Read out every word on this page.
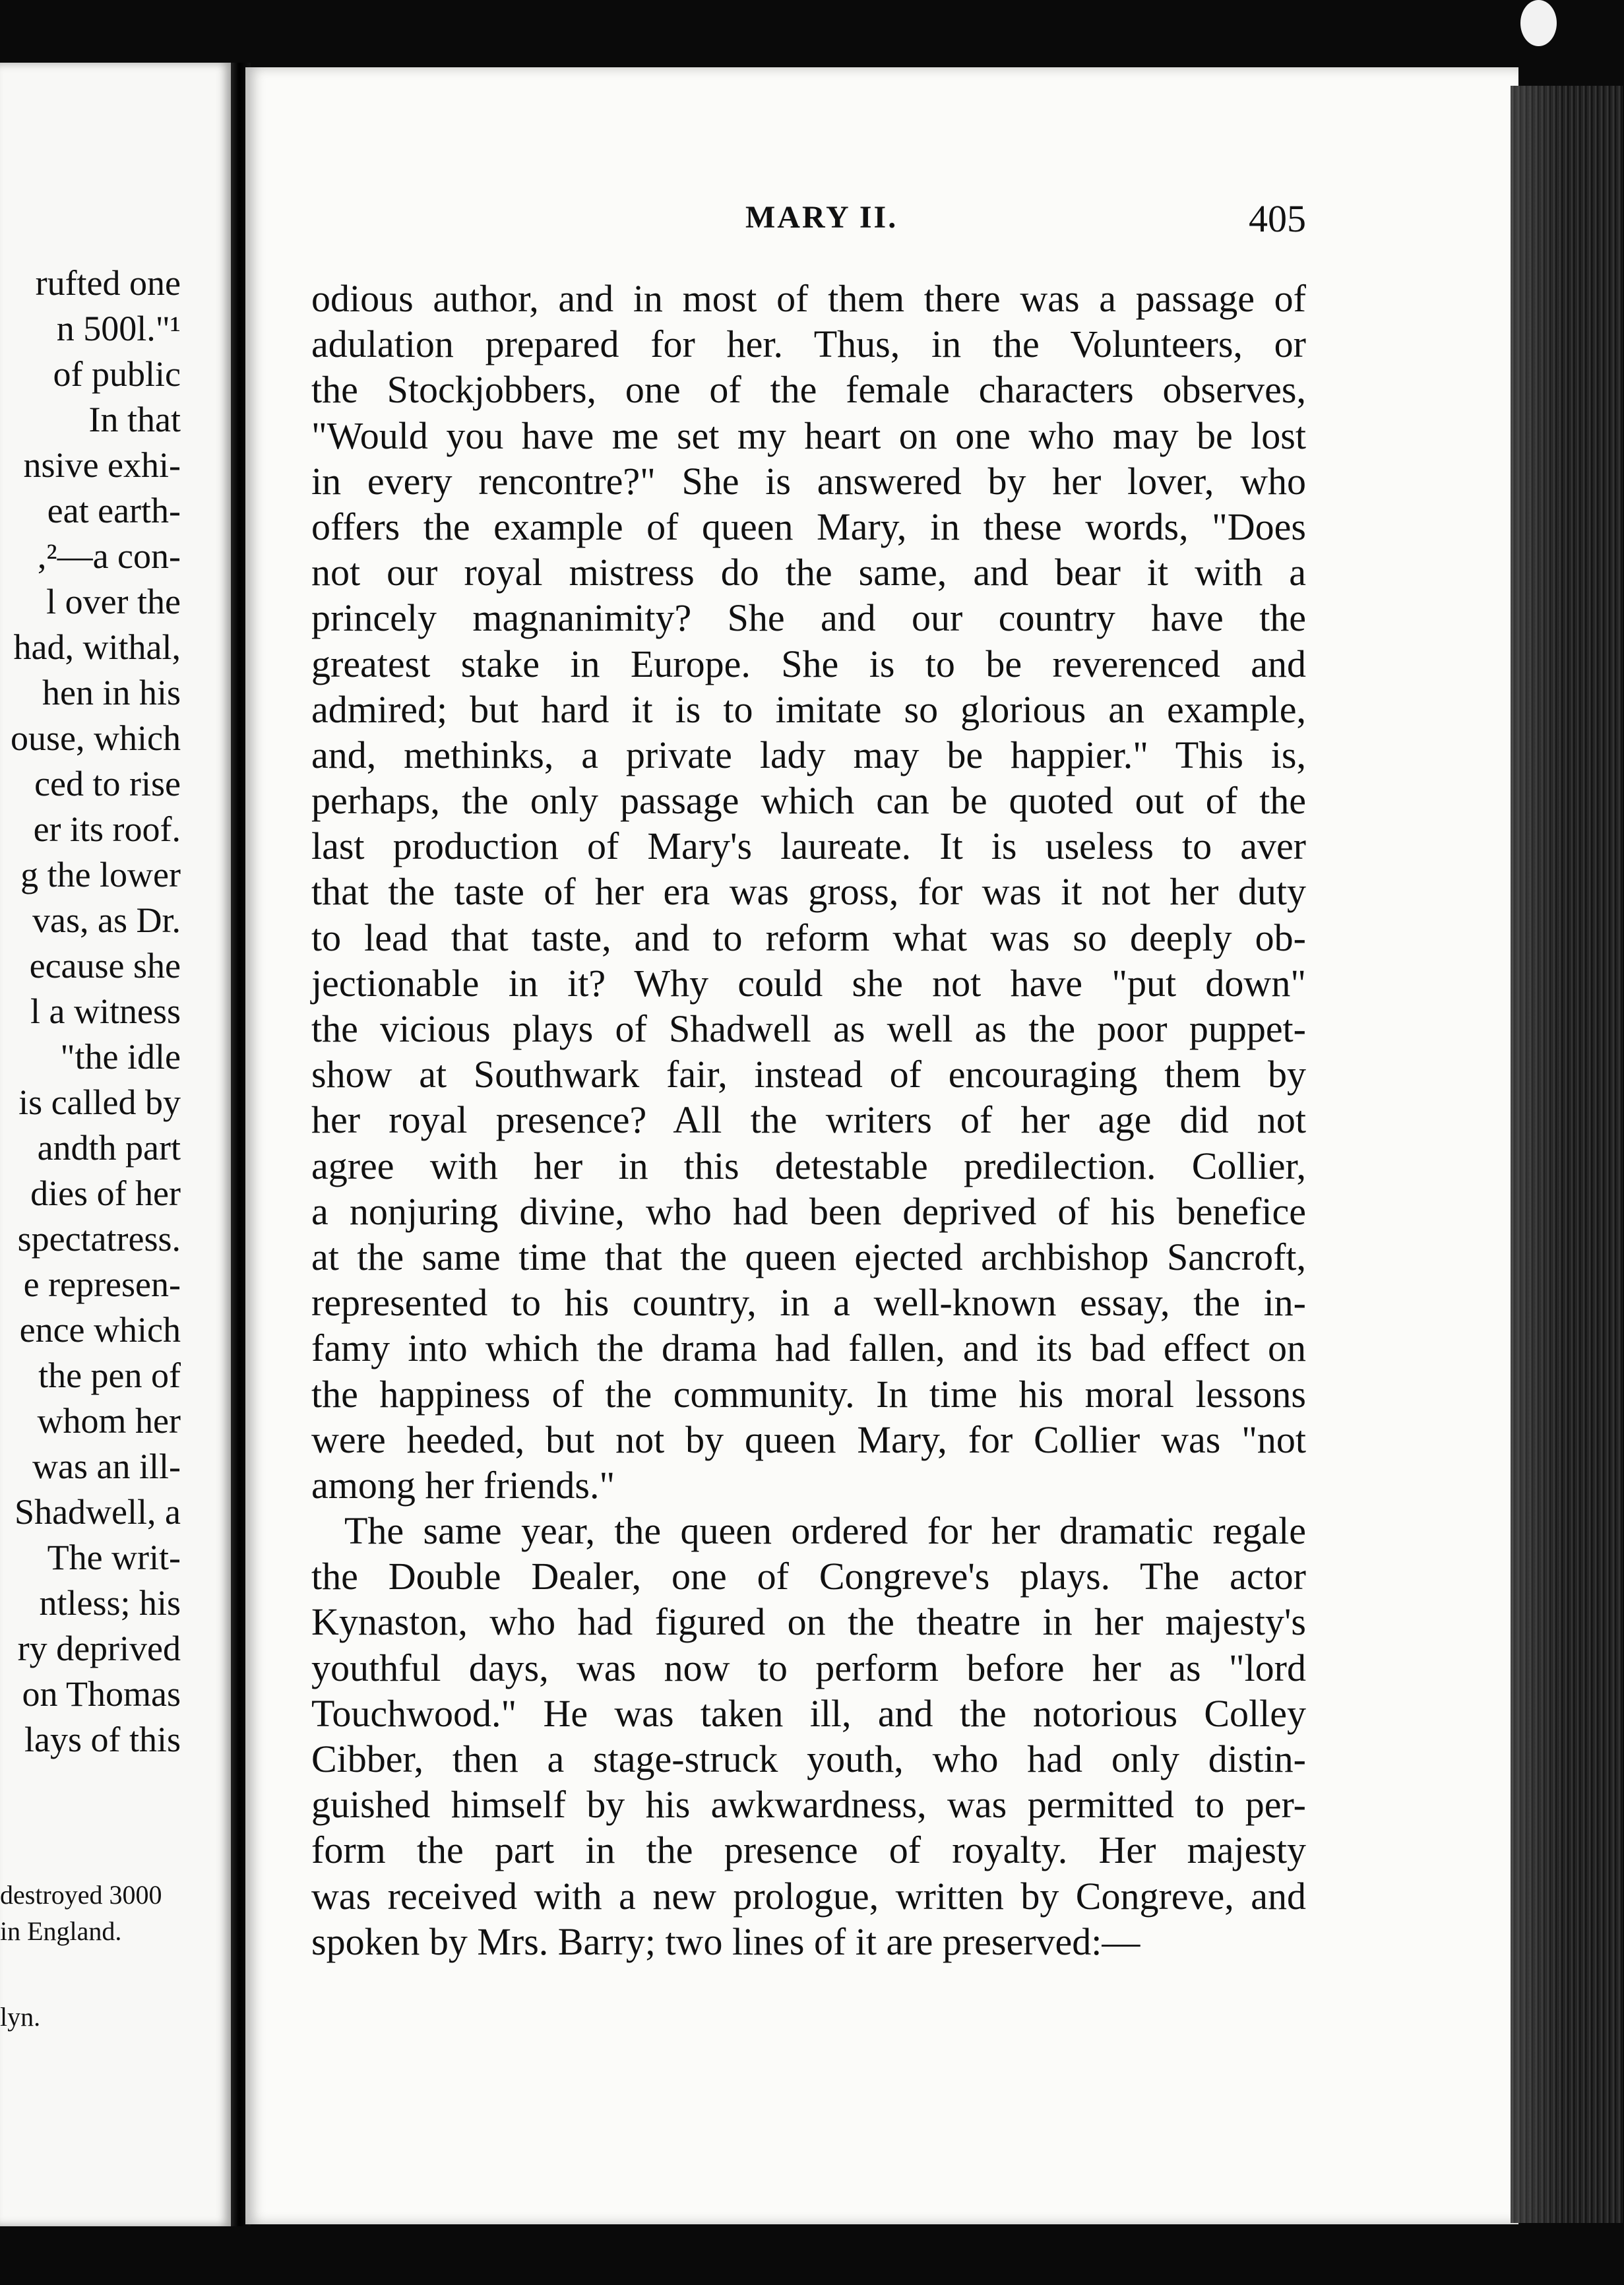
rufted one
n 500l."¹
of public
In that
nsive exhi-
eat earth-
,²—a con-
l over the
had, withal,
hen in his
ouse, which
ced to rise
er its roof.
g the lower
vas, as Dr.
ecause she
l a witness
"the idle
is called by
andth part
dies of her
spectatress.
e represen-
ence which
the pen of
whom her
was an ill-
Shadwell, a
The writ-
ntless; his
ry deprived
on Thomas
lays of this
destroyed 3000
in England.
lyn.
MARY II.	405
odious author, and in most of them there was a passage of
adulation prepared for her. Thus, in the Volunteers, or
the Stockjobbers, one of the female characters observes,
"Would you have me set my heart on one who may be lost
in every rencontre?" She is answered by her lover, who
offers the example of queen Mary, in these words, "Does
not our royal mistress do the same, and bear it with a
princely magnanimity? She and our country have the
greatest stake in Europe. She is to be reverenced and
admired; but hard it is to imitate so glorious an example,
and, methinks, a private lady may be happier." This is,
perhaps, the only passage which can be quoted out of the
last production of Mary's laureate. It is useless to aver
that the taste of her era was gross, for was it not her duty
to lead that taste, and to reform what was so deeply ob-
jectionable in it? Why could she not have "put down"
the vicious plays of Shadwell as well as the poor puppet-
show at Southwark fair, instead of encouraging them by
her royal presence? All the writers of her age did not
agree with her in this detestable predilection. Collier,
a nonjuring divine, who had been deprived of his benefice
at the same time that the queen ejected archbishop Sancroft,
represented to his country, in a well-known essay, the in-
famy into which the drama had fallen, and its bad effect on
the happiness of the community. In time his moral lessons
were heeded, but not by queen Mary, for Collier was "not
among her friends."
The same year, the queen ordered for her dramatic regale
the Double Dealer, one of Congreve's plays. The actor
Kynaston, who had figured on the theatre in her majesty's
youthful days, was now to perform before her as "lord
Touchwood." He was taken ill, and the notorious Colley
Cibber, then a stage-struck youth, who had only distin-
guished himself by his awkwardness, was permitted to per-
form the part in the presence of royalty. Her majesty
was received with a new prologue, written by Congreve, and
spoken by Mrs. Barry; two lines of it are preserved:—
